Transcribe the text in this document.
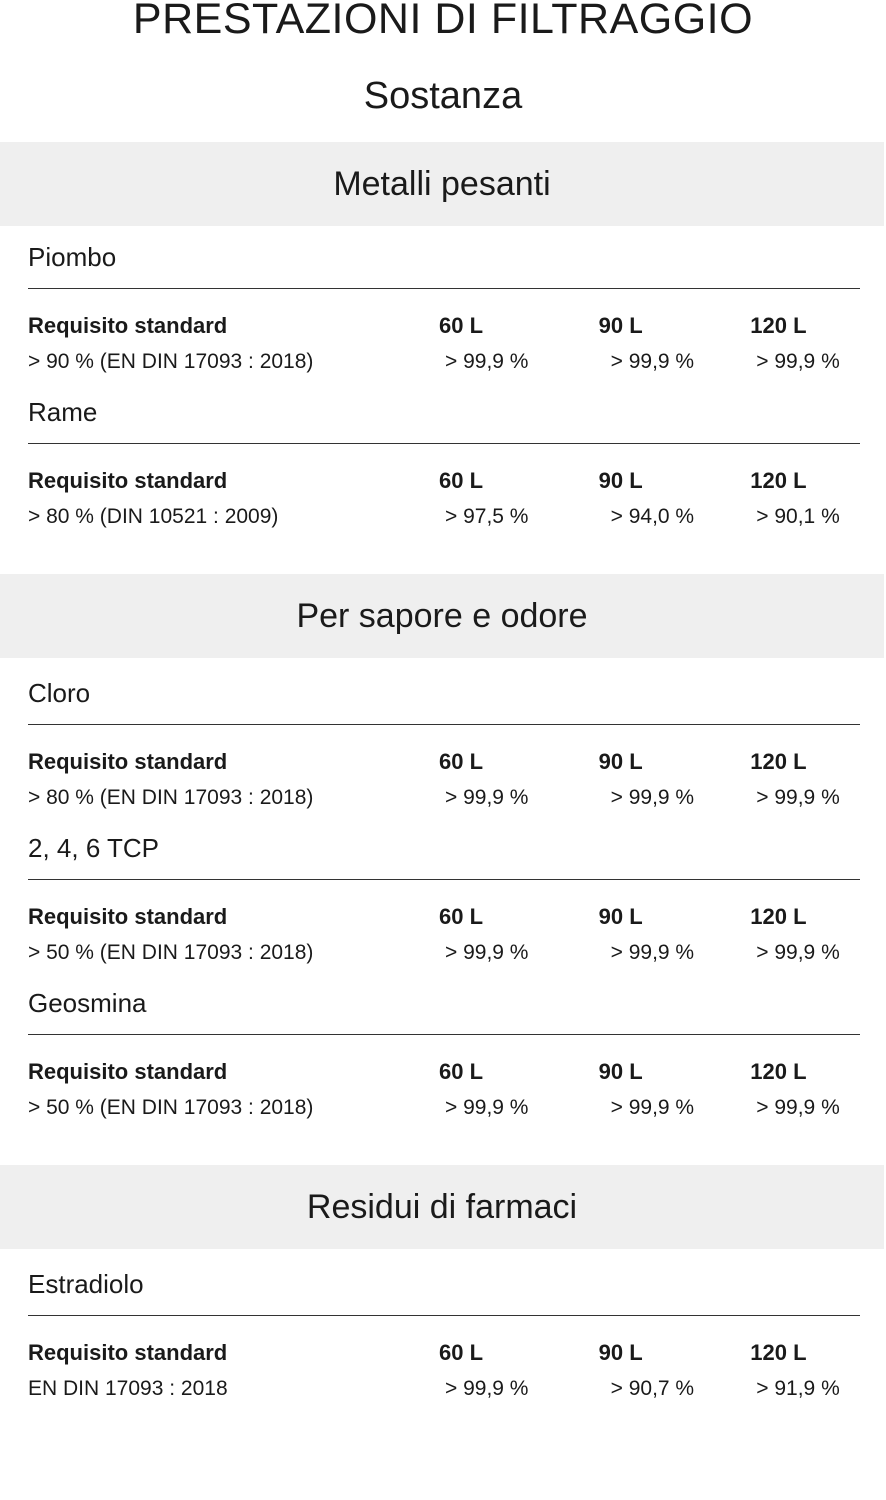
PRESTAZIONI DI FILTRAGGIO
Sostanza
Metalli pesanti
Piombo
Requisito standard	60 L	90 L	120 L
> 90 % (EN DIN 17093 : 2018)	> 99,9 %	> 99,9 %	> 99,9 %
Rame
Requisito standard	60 L	90 L	120 L
> 80 % (DIN 10521 : 2009)	> 97,5 %	> 94,0 %	> 90,1 %
Per sapore e odore
Cloro
Requisito standard	60 L	90 L	120 L
> 80 % (EN DIN 17093 : 2018)	> 99,9 %	> 99,9 %	> 99,9 %
2, 4, 6 TCP
Requisito standard	60 L	90 L	120 L
> 50 % (EN DIN 17093 : 2018)	> 99,9 %	> 99,9 %	> 99,9 %
Geosmina
Requisito standard	60 L	90 L	120 L
> 50 % (EN DIN 17093 : 2018)	> 99,9 %	> 99,9 %	> 99,9 %
Residui di farmaci
Estradiolo
Requisito standard	60 L	90 L	120 L
EN DIN 17093 : 2018	> 99,9 %	> 90,7 %	> 91,9 %
